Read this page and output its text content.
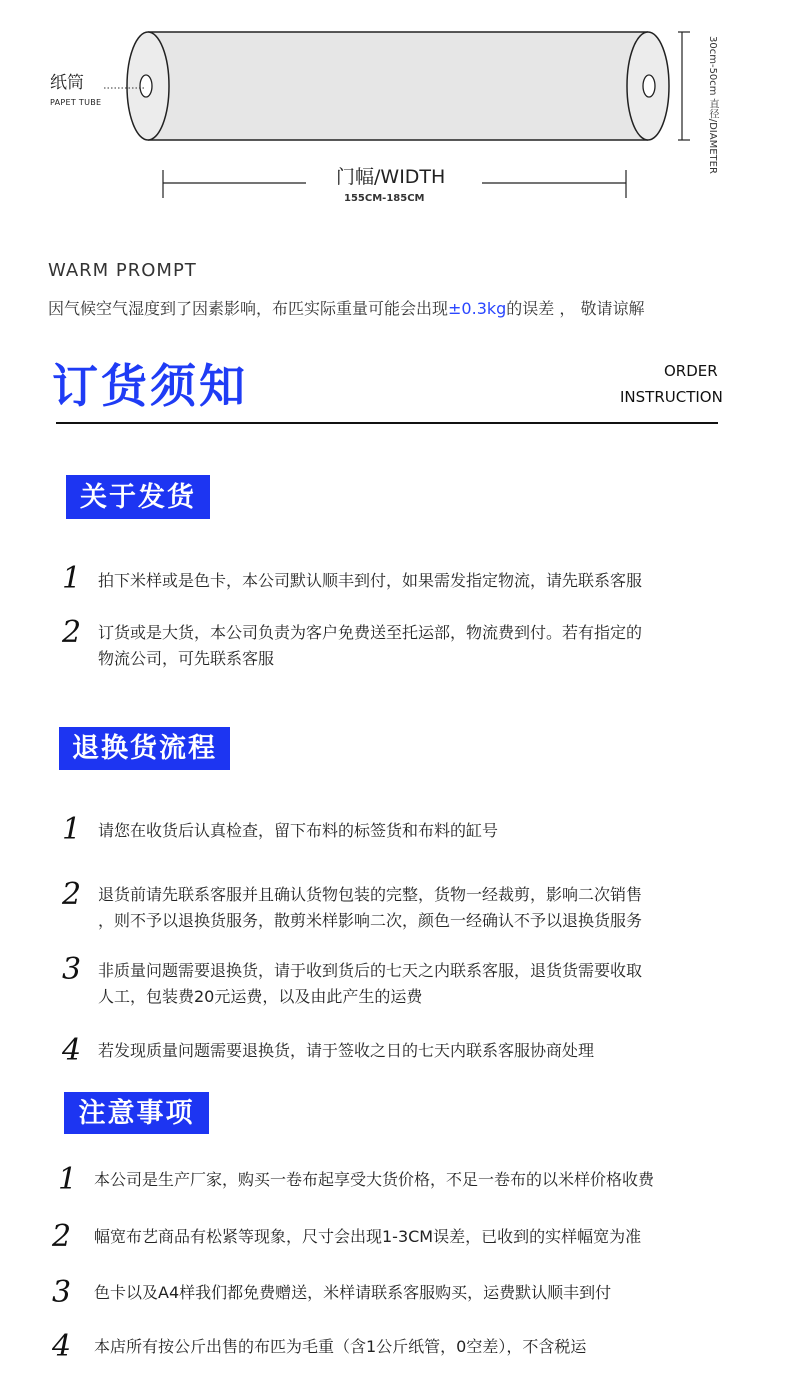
纸筒
PAPET TUBE
门幅/WIDTH
155CM-185CM
30cm-50cm 直径/DIAMETER
WARM PROMPT
因气候空气湿度到了因素影响，布匹实际重量可能会出现±0.3kg的误差 ， 敬请谅解
订货须知	ORDER
INSTRUCTION
关于发货
1 拍下米样或是色卡，本公司默认顺丰到付，如果需发指定物流，请先联系客服
2 订货或是大货，本公司负责为客户免费送至托运部，物流费到付。若有指定的
物流公司，可先联系客服
退换货流程
1 请您在收货后认真检查，留下布料的标签货和布料的缸号
2 退货前请先联系客服并且确认货物包装的完整，货物一经裁剪，影响二次销售
，则不予以退换货服务，散剪米样影响二次，颜色一经确认不予以退换货服务
3 非质量问题需要退换货，请于收到货后的七天之内联系客服，退货货需要收取
人工，包装费20元运费，以及由此产生的运费
4 若发现质量问题需要退换货，请于签收之日的七天内联系客服协商处理
注意事项
1 本公司是生产厂家，购买一卷布起享受大货价格，不足一卷布的以米样价格收费
2 幅宽布艺商品有松紧等现象，尺寸会出现1-3CM误差，已收到的实样幅宽为准
3 色卡以及A4样我们都免费赠送，米样请联系客服购买，运费默认顺丰到付
4 本店所有按公斤出售的布匹为毛重（含1公斤纸管，0空差），不含税运
